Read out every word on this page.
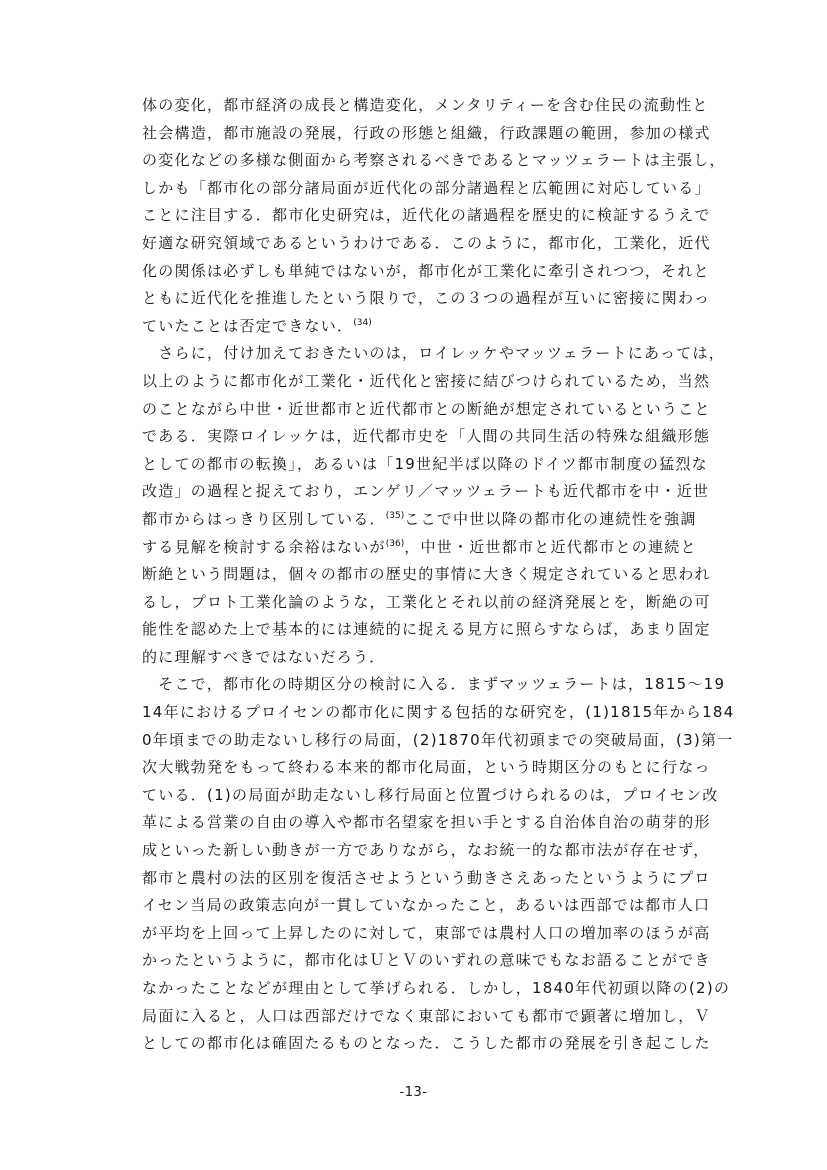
体の変化，都市経済の成長と構造変化，メンタリティーを含む住民の流動性と
社会構造，都市施設の発展，行政の形態と組織，行政課題の範囲，参加の様式
の変化などの多様な側面から考察されるべきであるとマッツェラートは主張し，
しかも「都市化の部分諸局面が近代化の部分諸過程と広範囲に対応している」
ことに注目する．都市化史研究は，近代化の諸過程を歴史的に検証するうえで
好適な研究領域であるというわけである．このように，都市化，工業化，近代
化の関係は必ずしも単純ではないが，都市化が工業化に牽引されつつ，それと
ともに近代化を推進したという限りで，この３つの過程が互いに密接に関わっ
ていたことは否定できない．$^{(34)}$
　さらに，付け加えておきたいのは，ロイレッケやマッツェラートにあっては，
以上のように都市化が工業化・近代化と密接に結びつけられているため，当然
のことながら中世・近世都市と近代都市との断絶が想定されているということ
である．実際ロイレッケは，近代都市史を「人間の共同生活の特殊な組織形態
としての都市の転換」，あるいは「19世紀半ば以降のドイツ都市制度の猛烈な
改造」の過程と捉えており，エンゲリ／マッツェラートも近代都市を中・近世
都市からはっきり区別している．$^{(35)}$ここで中世以降の都市化の連続性を強調
する見解を検討する余裕はないが$^{(36)}$，中世・近世都市と近代都市との連続と
断絶という問題は，個々の都市の歴史的事情に大きく規定されていると思われ
るし，プロト工業化論のような，工業化とそれ以前の経済発展とを，断絶の可
能性を認めた上で基本的には連続的に捉える見方に照らすならば，あまり固定
的に理解すべきではないだろう．
　そこで，都市化の時期区分の検討に入る．まずマッツェラートは，1815～19
14年におけるプロイセンの都市化に関する包括的な研究を，(1)1815年から184
0年頃までの助走ないし移行の局面，(2)1870年代初頭までの突破局面，(3)第一
次大戦勃発をもって終わる本来的都市化局面，という時期区分のもとに行なっ
ている．(1)の局面が助走ないし移行局面と位置づけられるのは，プロイセン改
革による営業の自由の導入や都市名望家を担い手とする自治体自治の萌芽的形
成といった新しい動きが一方でありながら，なお統一的な都市法が存在せず，
都市と農村の法的区別を復活させようという動きさえあったというようにプロ
イセン当局の政策志向が一貫していなかったこと，あるいは西部では都市人口
が平均を上回って上昇したのに対して，東部では農村人口の増加率のほうが高
かったというように，都市化はＵとＶのいずれの意味でもなお語ることができ
なかったことなどが理由として挙げられる．しかし，1840年代初頭以降の(2)の
局面に入ると，人口は西部だけでなく東部においても都市で顕著に増加し，Ｖ
としての都市化は確固たるものとなった．こうした都市の発展を引き起こした
-13-
